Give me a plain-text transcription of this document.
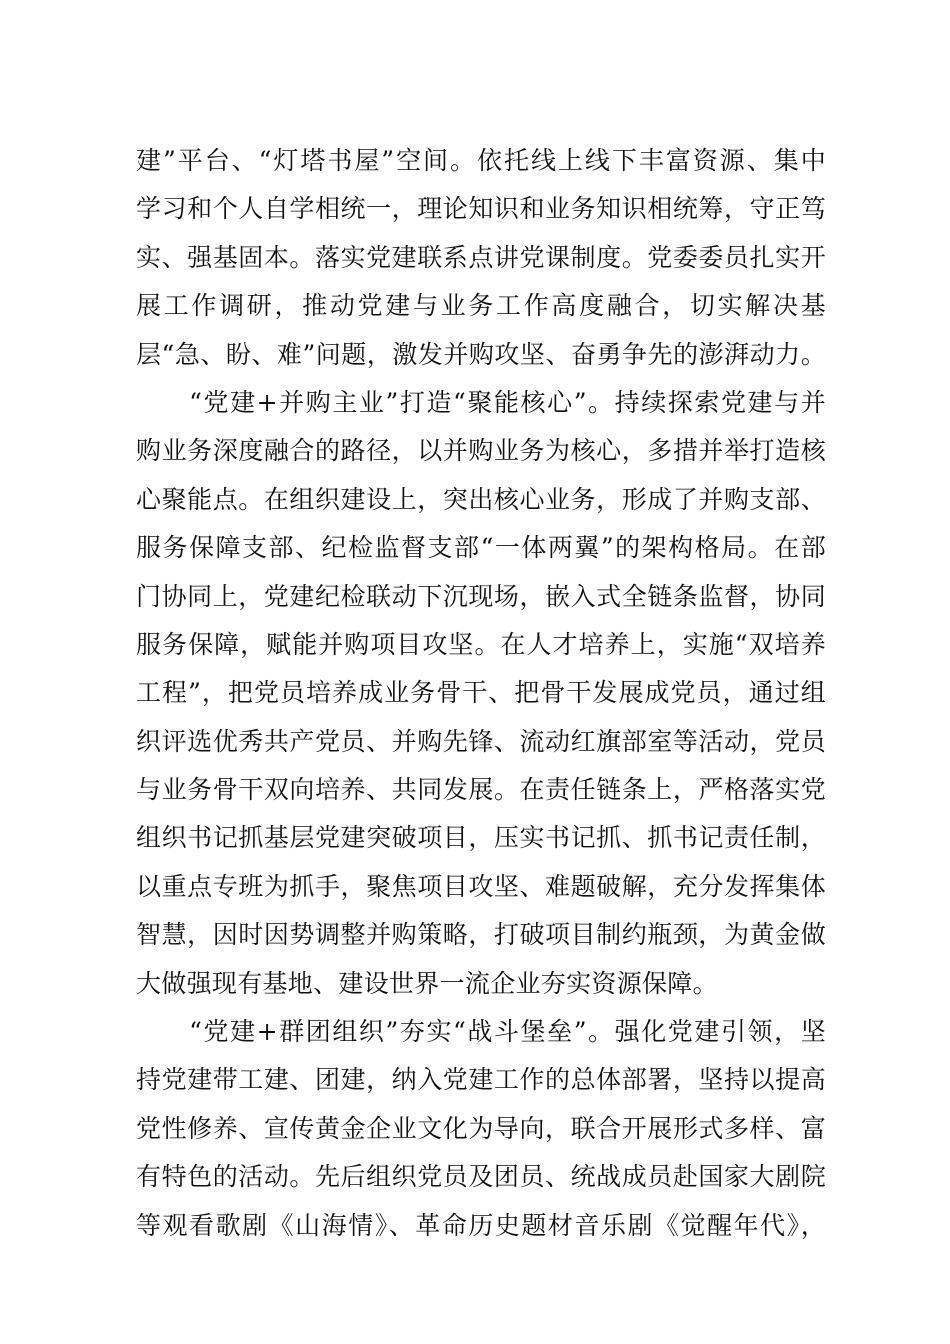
建”平台、“灯塔书屋”空间。依托线上线下丰富资源、集中
学习和个人自学相统一，理论知识和业务知识相统筹，守正笃
实、强基固本。落实党建联系点讲党课制度。党委委员扎实开
展工作调研，推动党建与业务工作高度融合，切实解决基
层“急、盼、难”问题，激发并购攻坚、奋勇争先的澎湃动力。
　　“党建+并购主业”打造“聚能核心”。持续探索党建与并
购业务深度融合的路径，以并购业务为核心，多措并举打造核
心聚能点。在组织建设上，突出核心业务，形成了并购支部、
服务保障支部、纪检监督支部“一体两翼”的架构格局。在部
门协同上，党建纪检联动下沉现场，嵌入式全链条监督，协同
服务保障，赋能并购项目攻坚。在人才培养上，实施“双培养
工程”，把党员培养成业务骨干、把骨干发展成党员，通过组
织评选优秀共产党员、并购先锋、流动红旗部室等活动，党员
与业务骨干双向培养、共同发展。在责任链条上，严格落实党
组织书记抓基层党建突破项目，压实书记抓、抓书记责任制，
以重点专班为抓手，聚焦项目攻坚、难题破解，充分发挥集体
智慧，因时因势调整并购策略，打破项目制约瓶颈，为黄金做
大做强现有基地、建设世界一流企业夯实资源保障。
　　“党建+群团组织”夯实“战斗堡垒”。强化党建引领，坚
持党建带工建、团建，纳入党建工作的总体部署，坚持以提高
党性修养、宣传黄金企业文化为导向，联合开展形式多样、富
有特色的活动。先后组织党员及团员、统战成员赴国家大剧院
等观看歌剧《山海情》、革命历史题材音乐剧《觉醒年代》，
